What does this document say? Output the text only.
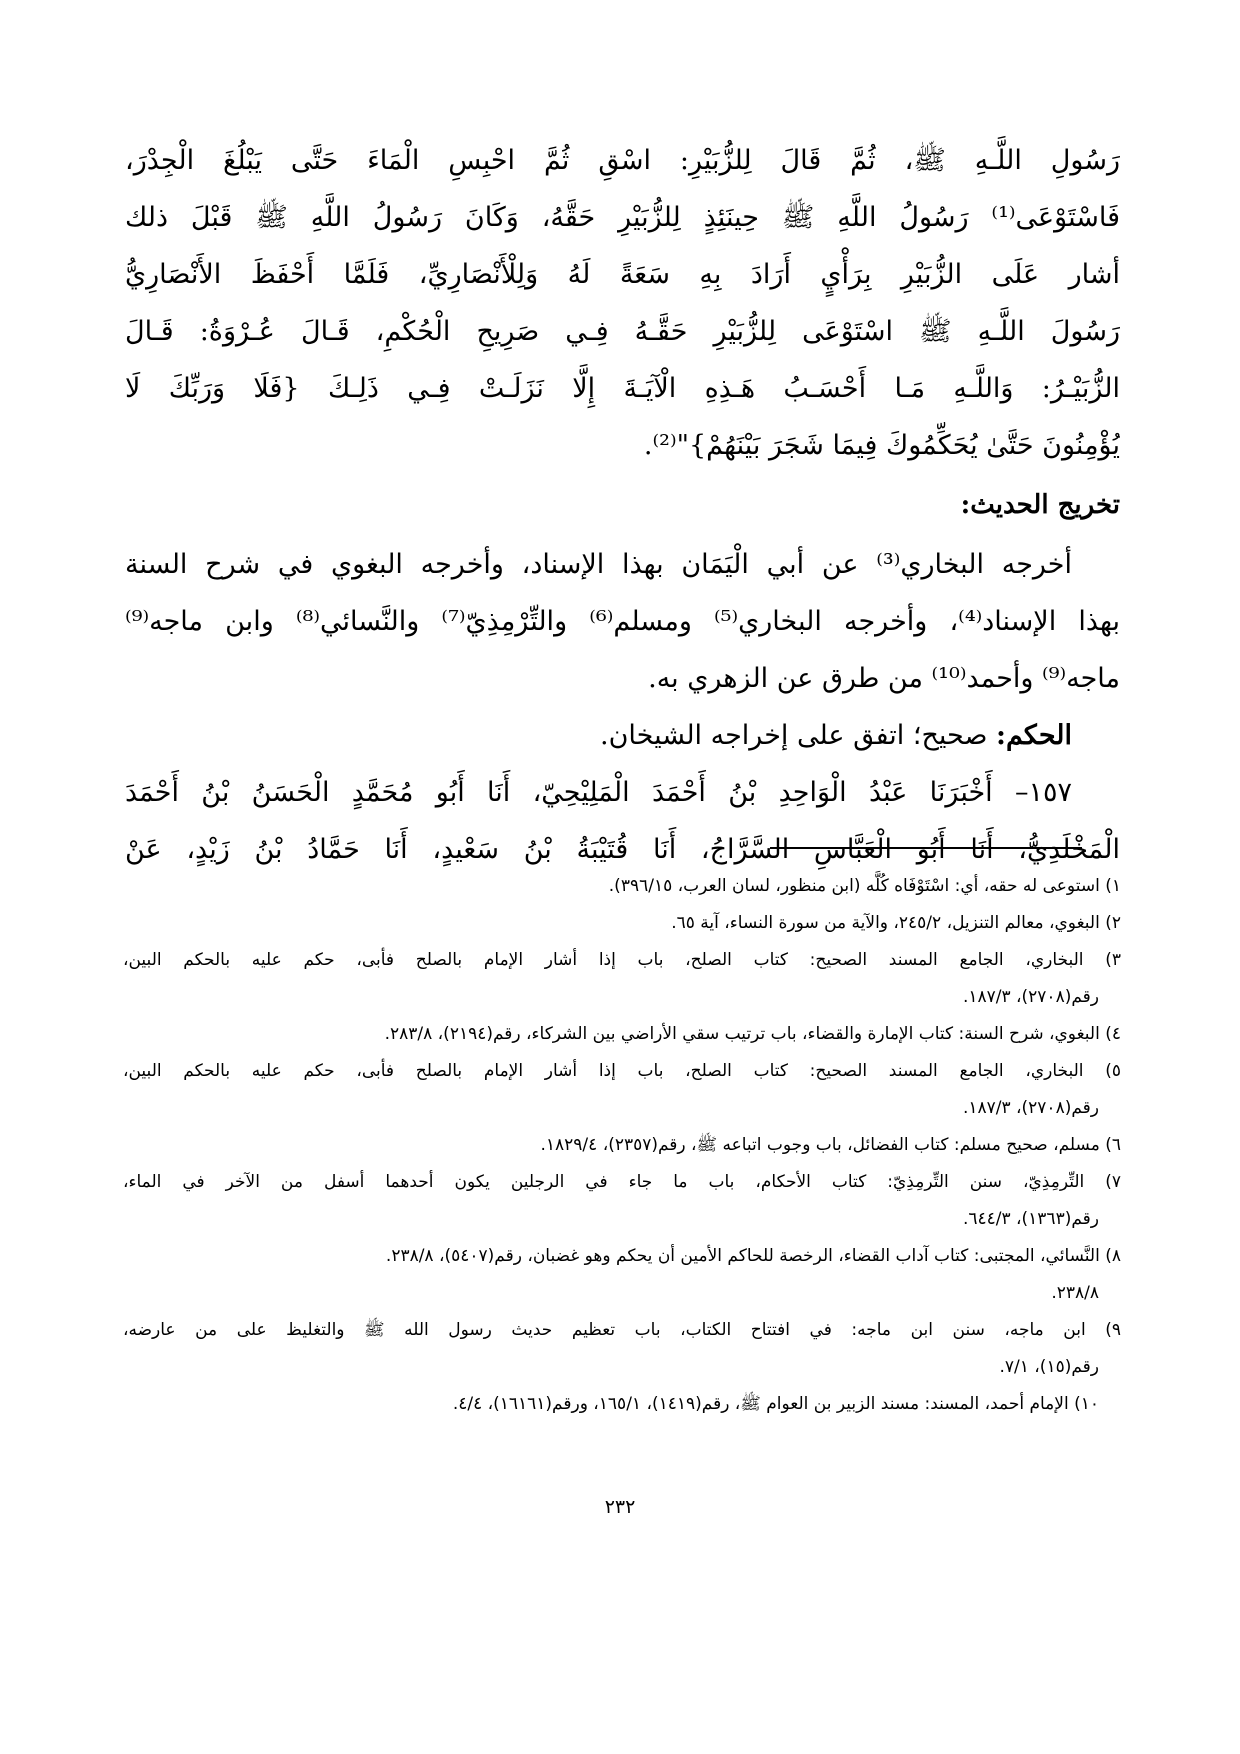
رَسُولِ اللَّـهِ ﷺ، ثُمَّ قَالَ لِلزُّبَيْرِ: اسْقِ ثُمَّ احْبِسِ الْمَاءَ حَتَّى يَبْلُغَ الْجِدْرَ،
فَاسْتَوْعَى⁽¹⁾ رَسُولُ اللَّهِ ﷺ حِينَئِذٍ لِلزُّبَيْرِ حَقَّهُ، وَكَانَ رَسُولُ اللَّهِ ﷺ قَبْلَ ذلك
أشار عَلَى الزُّبَيْرِ بِرَأْيٍ أَرَادَ بِهِ سَعَةً لَهُ وَلِلْأَنْصَارِيِّ، فَلَمَّا أَحْفَظَ الأَنْصَارِيُّ
رَسُولَ اللَّـهِ ﷺ اسْتَوْعَى لِلزُّبَيْرِ حَقَّـهُ فِـي صَرِيحِ الْحُكْمِ، قَـالَ عُـرْوَةُ: قَـالَ
الزُّبَيْـرُ: وَاللَّـهِ مَـا أَحْسَـبُ هَـذِهِ الْآيَـةَ إِلَّا نَزَلَـتْ فِـي ذَلِـكَ {فَلَا وَرَبِّكَ لَا
يُؤْمِنُونَ حَتَّىٰ يُحَكِّمُوكَ فِيمَا شَجَرَ بَيْنَهُمْ}"⁽²⁾.
تخريج الحديث:
أخرجه البخاري⁽³⁾ عن أبي الْيَمَان بهذا الإسناد، وأخرجه البغوي في شرح السنة
بهذا الإسناد⁽⁴⁾، وأخرجه البخاري⁽⁵⁾ ومسلم⁽⁶⁾ والتِّرْمِذِيّ⁽⁷⁾ والنَّسائي⁽⁸⁾ وابن ماجه⁽⁹⁾
ماجه⁽⁹⁾ وأحمد⁽¹⁰⁾ من طرق عن الزهري به.
الحكم: صحيح؛ اتفق على إخراجه الشيخان.
١٥٧– أَخْبَرَنَا عَبْدُ الْوَاحِدِ بْنُ أَحْمَدَ الْمَلِيْحِيّ، أَنَا أَبُو مُحَمَّدٍ الْحَسَنُ بْنُ أَحْمَدَ
الْمَخْلَدِيُّ، أَنَا أَبُو الْعَبَّاسِ السَّرَّاجُ، أَنَا قُتَيْبَةُ بْنُ سَعْيدٍ، أَنَا حَمَّادُ بْنُ زَيْدٍ، عَنْ
١) استوعى له حقه، أي: اسْتَوْفَاه كُلَّه (ابن منظور، لسان العرب، ٣٩٦/١٥).
٢) البغوي، معالم التنزيل، ٢٤٥/٢، والآية من سورة النساء، آية ٦٥.
٣) البخاري، الجامع المسند الصحيح: كتاب الصلح، باب إذا أشار الإمام بالصلح فأبى، حكم عليه بالحكم البين،
رقم(٢٧٠٨)، ١٨٧/٣.
٤) البغوي، شرح السنة: كتاب الإمارة والقضاء، باب ترتيب سقي الأراضي بين الشركاء، رقم(٢١٩٤)، ٢٨٣/٨.
٥) البخاري، الجامع المسند الصحيح: كتاب الصلح، باب إذا أشار الإمام بالصلح فأبى، حكم عليه بالحكم البين،
رقم(٢٧٠٨)، ١٨٧/٣.
٦) مسلم، صحيح مسلم: كتاب الفضائل، باب وجوب اتباعه ﷺ، رقم(٢٣٥٧)، ١٨٢٩/٤.
٧) التِّرمِذِيّ، سنن التِّرمِذِيّ: كتاب الأحكام، باب ما جاء في الرجلين يكون أحدهما أسفل من الآخر في الماء،
رقم(١٣٦٣)، ٦٤٤/٣.
٨) النَّسائي، المجتبى: كتاب آداب القضاء، الرخصة للحاكم الأمين أن يحكم وهو غضبان، رقم(٥٤٠٧)، ٢٣٨/٨.
٢٣٨/٨.
٩) ابن ماجه، سنن ابن ماجه: في افتتاح الكتاب، باب تعظيم حديث رسول الله ﷺ والتغليظ على من عارضه،
رقم(١٥)، ٧/١.
١٠) الإمام أحمد، المسند: مسند الزبير بن العوام ﷺ، رقم(١٤١٩)، ١٦٥/١، ورقم(١٦١٦١)، ٤/٤.
٢٣٢
